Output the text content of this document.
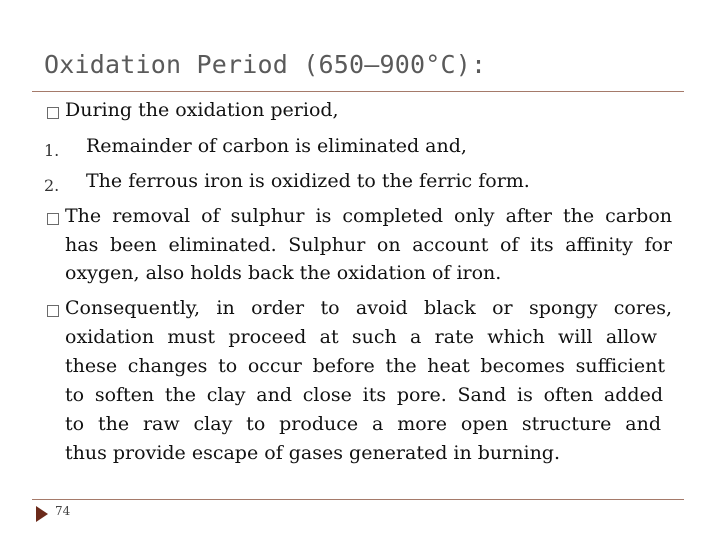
Oxidation Period (650–900°C):
During the oxidation period,
1. Remainder of carbon is eliminated and,
2. The ferrous iron is oxidized to the ferric form.
The removal of sulphur is completed only after the carbon
has been eliminated. Sulphur on account of its affinity for
oxygen, also holds back the oxidation of iron.
Consequently, in order to avoid black or spongy cores,
oxidation must proceed at such a rate which will allow
these changes to occur before the heat becomes sufficient
to soften the clay and close its pore. Sand is often added
to the raw clay to produce a more open structure and
thus provide escape of gases generated in burning.
74
